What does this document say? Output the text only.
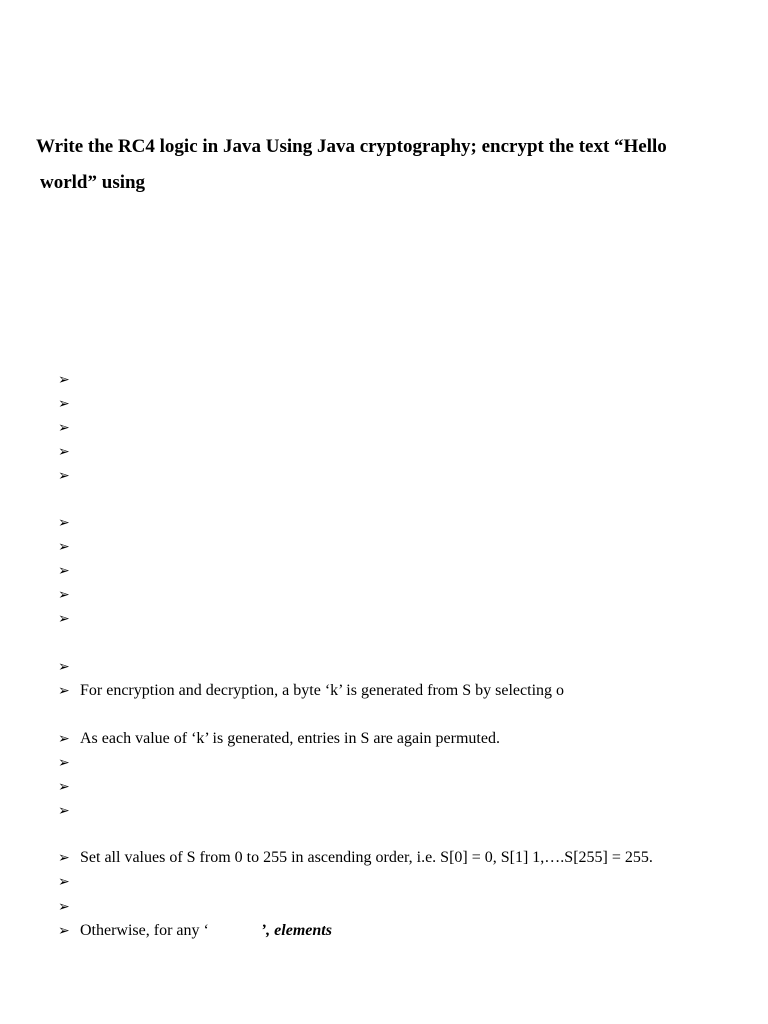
Write the RC4 logic in Java Using Java cryptography; encrypt the text “Hello
world” using
➢
➢
➢
➢
➢
➢
➢
➢
➢
➢
➢
➢ For encryption and decryption, a byte ‘k’ is generated from S by selecting o
➢ As each value of ‘k’ is generated, entries in S are again permuted.
➢
➢
➢
➢ Set all values of S from 0 to 255 in ascending order, i.e. S[0] = 0, S[1] 1,….S[255] = 255.
➢
➢
➢ Otherwise, for any ‘	’, elements
